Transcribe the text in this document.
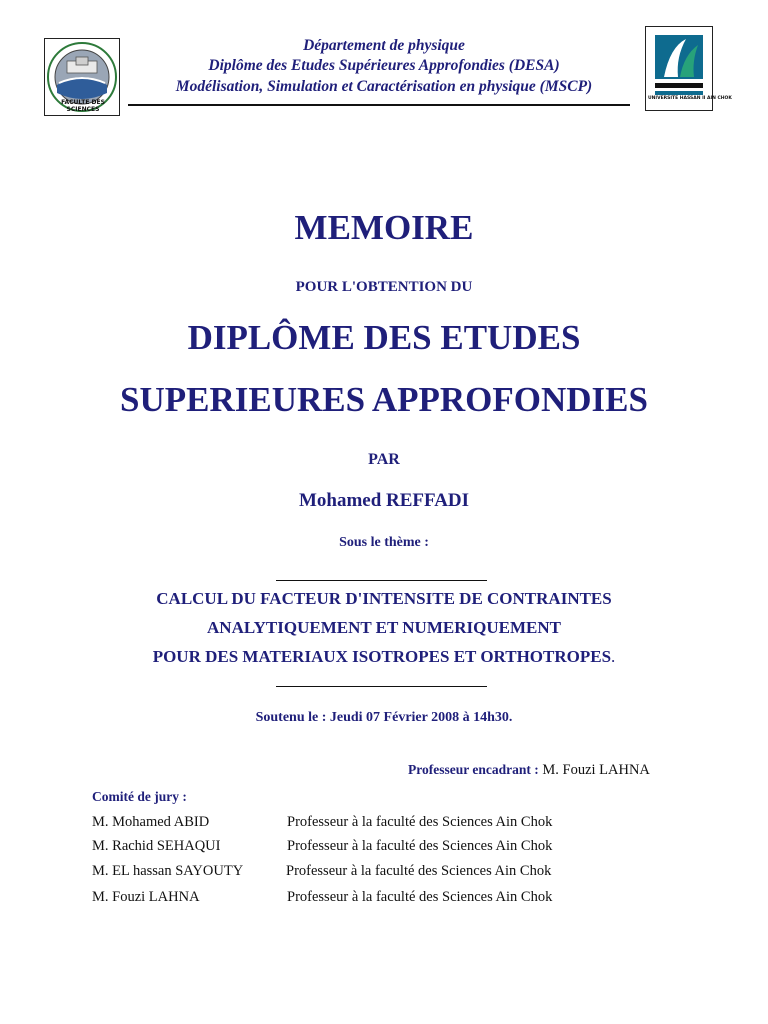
FACULTE DES SCIENCES
UNIVERSITE HASSAN II AIN CHOK
Département de physique
Diplôme des Etudes Supérieures Approfondies (DESA)
Modélisation, Simulation et Caractérisation en physique (MSCP)
MEMOIRE
POUR L'OBTENTION DU
DIPLÔME DES ETUDES
SUPERIEURES APPROFONDIES
PAR
Mohamed REFFADI
Sous le thème :
CALCUL DU FACTEUR D'INTENSITE DE CONTRAINTES
ANALYTIQUEMENT ET NUMERIQUEMENT
POUR DES MATERIAUX ISOTROPES ET ORTHOTROPES.
Soutenu le : Jeudi 07 Février 2008 à 14h30.
Professeur encadrant : M. Fouzi LAHNA
Comité de jury :
M. Mohamed ABID	Professeur à la faculté des Sciences Ain Chok
M. Rachid SEHAQUI	Professeur à la faculté des Sciences Ain Chok
M. EL hassan SAYOUTY	Professeur à la faculté des Sciences Ain Chok
M. Fouzi LAHNA	Professeur à la faculté des Sciences Ain Chok
